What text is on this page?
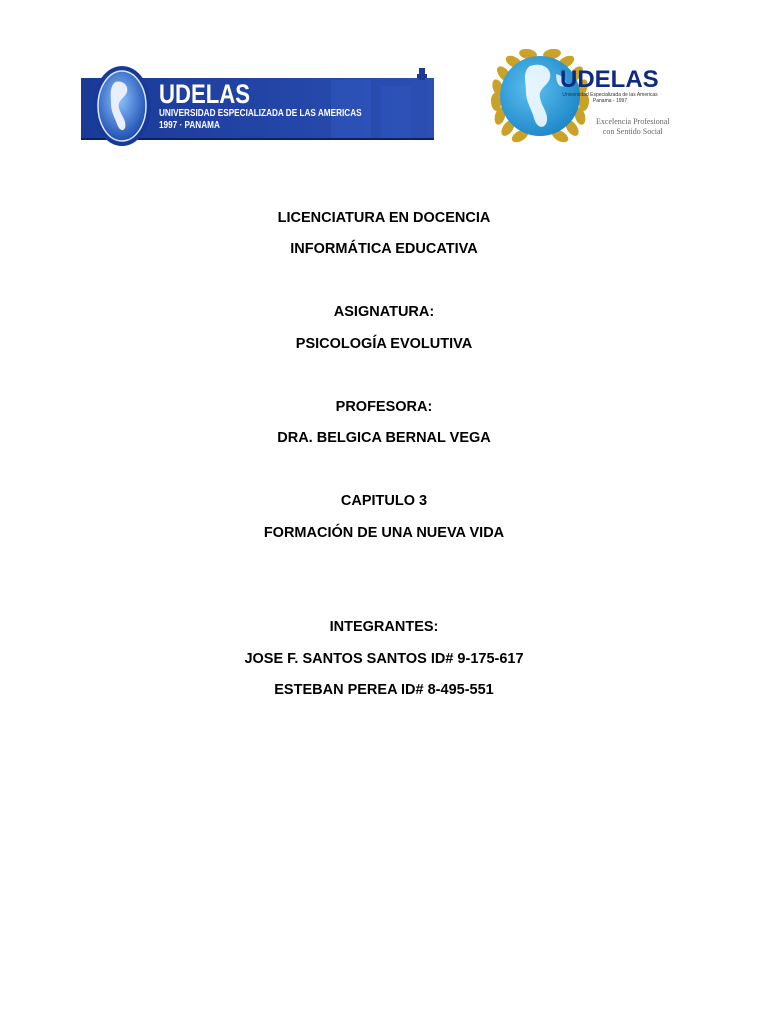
UDELAS
UNIVERSIDAD ESPECIALIZADA DE LAS AMERICAS
1997 · PANAMA
UDELAS
Universidad Especializada de las Americas
Panama - 1997
Excelencia Profesional
con Sentido Social
LICENCIATURA EN DOCENCIA
INFORMÁTICA EDUCATIVA
ASIGNATURA:
PSICOLOGÍA EVOLUTIVA
PROFESORA:
DRA. BELGICA BERNAL VEGA
CAPITULO 3
FORMACIÓN DE UNA NUEVA VIDA
INTEGRANTES:
JOSE F. SANTOS SANTOS ID# 9-175-617
ESTEBAN PEREA ID# 8-495-551
